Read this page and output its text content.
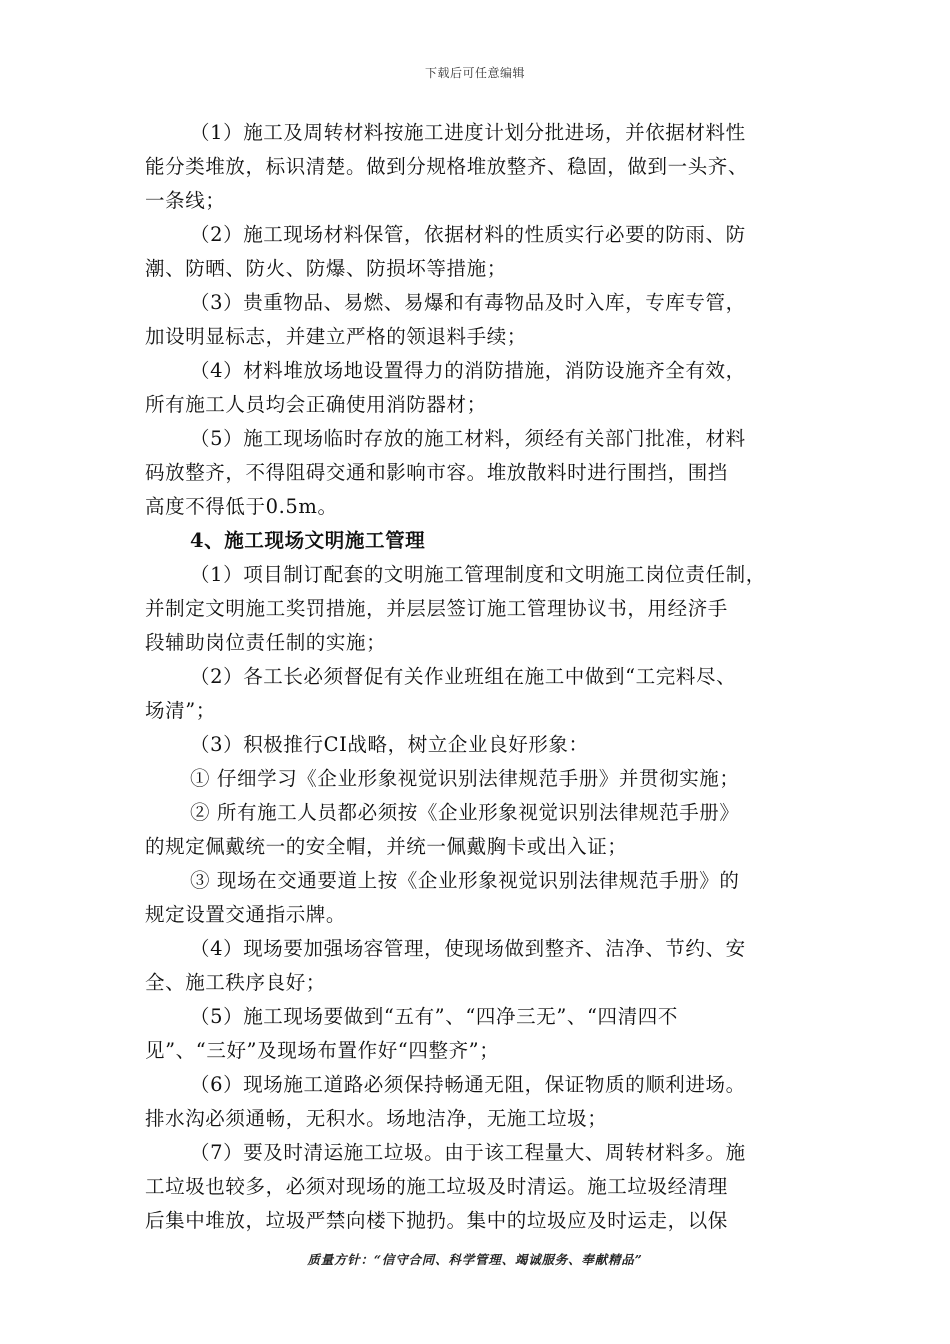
下载后可任意编辑
（1）施工及周转材料按施工进度计划分批进场，并依据材料性
能分类堆放，标识清楚。做到分规格堆放整齐、稳固，做到一头齐、
一条线；
（2）施工现场材料保管，依据材料的性质实行必要的防雨、防
潮、防晒、防火、防爆、防损坏等措施；
（3）贵重物品、易燃、易爆和有毒物品及时入库，专库专管，
加设明显标志，并建立严格的领退料手续；
（4）材料堆放场地设置得力的消防措施，消防设施齐全有效，
所有施工人员均会正确使用消防器材；
（5）施工现场临时存放的施工材料，须经有关部门批准，材料
码放整齐，不得阻碍交通和影响市容。堆放散料时进行围挡，围挡
高度不得低于0.5m。
4、施工现场文明施工管理
（1）项目制订配套的文明施工管理制度和文明施工岗位责任制，
并制定文明施工奖罚措施，并层层签订施工管理协议书，用经济手
段辅助岗位责任制的实施；
（2）各工长必须督促有关作业班组在施工中做到“工完料尽、
场清”；
（3）积极推行CI战略，树立企业良好形象：
① 仔细学习《企业形象视觉识别法律规范手册》并贯彻实施；
② 所有施工人员都必须按《企业形象视觉识别法律规范手册》
的规定佩戴统一的安全帽，并统一佩戴胸卡或出入证；
③ 现场在交通要道上按《企业形象视觉识别法律规范手册》的
规定设置交通指示牌。
（4）现场要加强场容管理，使现场做到整齐、洁净、节约、安
全、施工秩序良好；
（5）施工现场要做到“五有”、“四净三无”、“四清四不
见”、“三好”及现场布置作好“四整齐”；
（6）现场施工道路必须保持畅通无阻，保证物质的顺利进场。
排水沟必须通畅，无积水。场地洁净，无施工垃圾；
（7）要及时清运施工垃圾。由于该工程量大、周转材料多。施
工垃圾也较多，必须对现场的施工垃圾及时清运。施工垃圾经清理
后集中堆放，垃圾严禁向楼下抛扔。集中的垃圾应及时运走，以保
质量方针：“信守合同、科学管理、竭诚服务、奉献精品”
